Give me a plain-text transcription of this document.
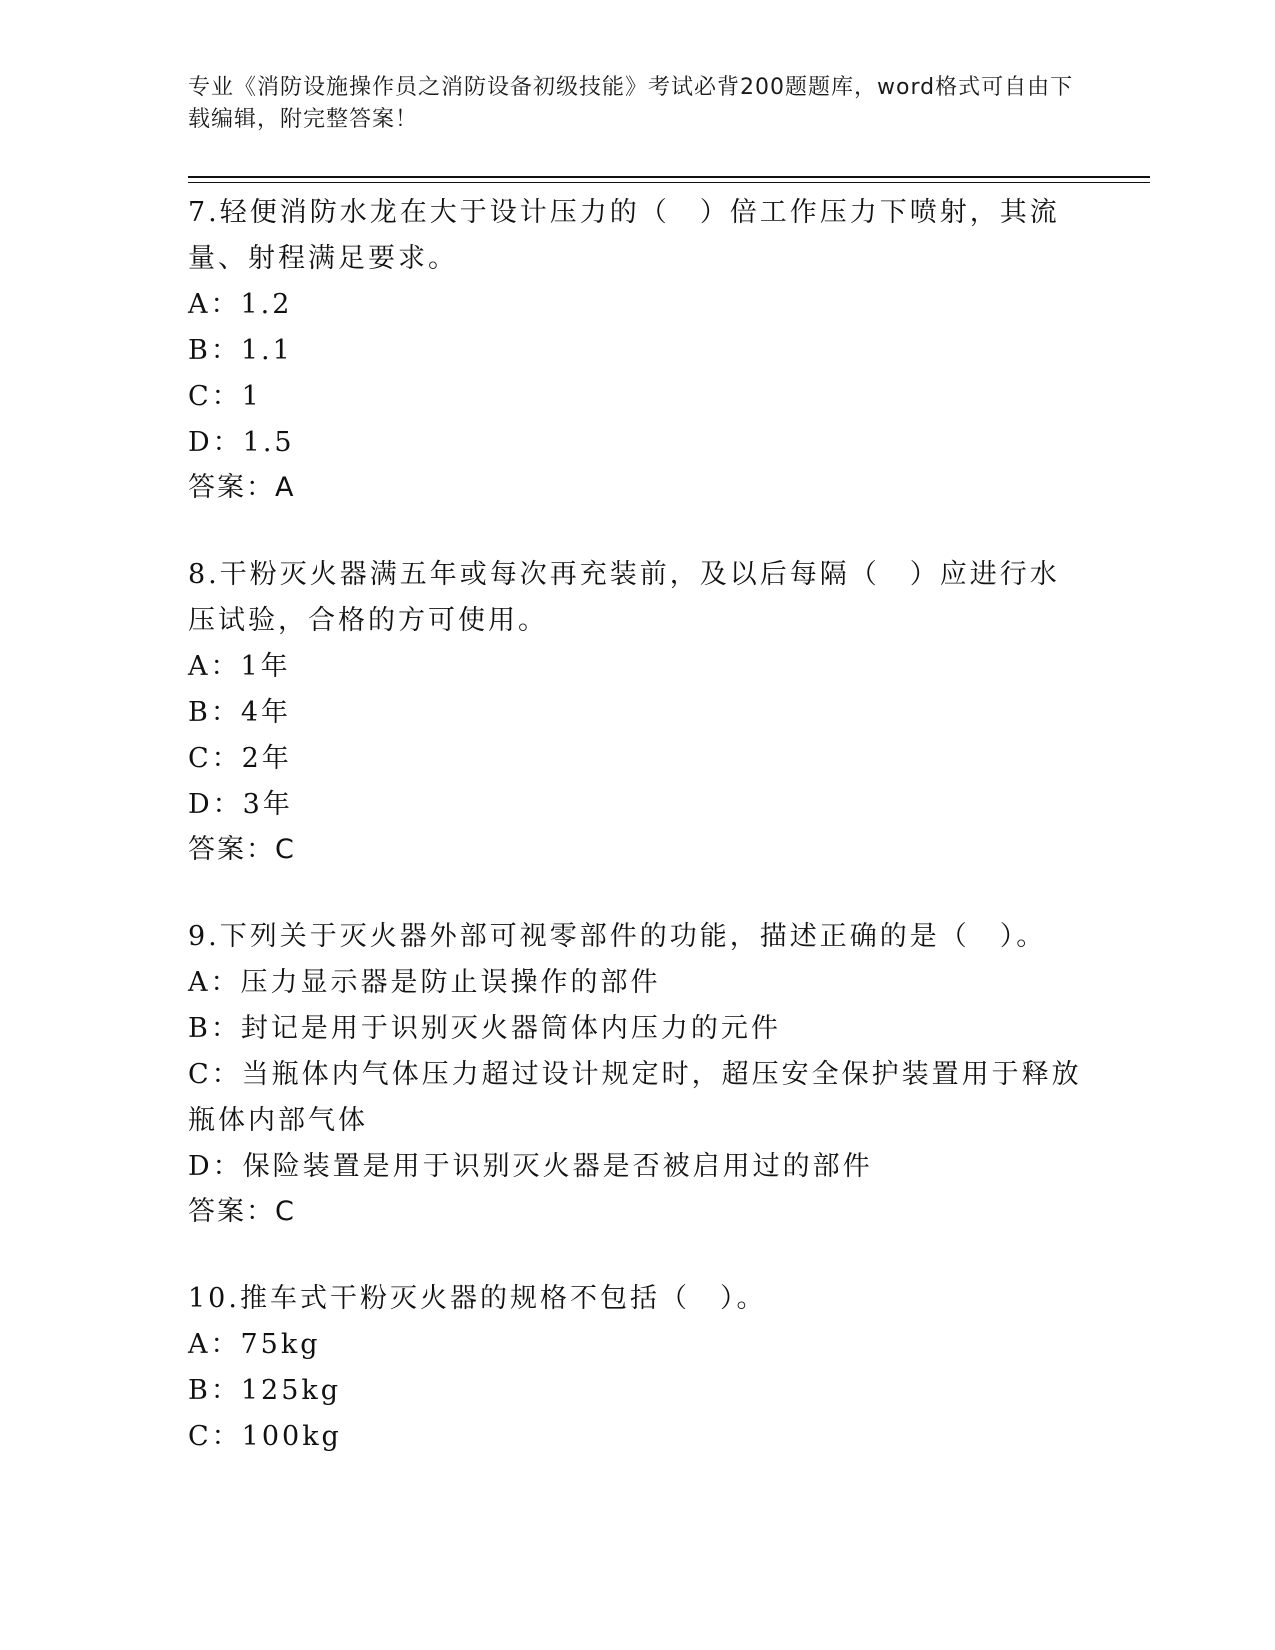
专业《消防设施操作员之消防设备初级技能》考试必背200题题库，word格式可自由下载编辑，附完整答案！
7.轻便消防水龙在大于设计压力的（　）倍工作压力下喷射，其流量、射程满足要求。
A：1.2
B：1.1
C：1
D：1.5
答案：A
8.干粉灭火器满五年或每次再充装前，及以后每隔（　）应进行水压试验，合格的方可使用。
A：1年
B：4年
C：2年
D：3年
答案：C
9.下列关于灭火器外部可视零部件的功能，描述正确的是（　）。
A：压力显示器是防止误操作的部件
B：封记是用于识别灭火器筒体内压力的元件
C：当瓶体内气体压力超过设计规定时，超压安全保护装置用于释放瓶体内部气体
D：保险装置是用于识别灭火器是否被启用过的部件
答案：C
10.推车式干粉灭火器的规格不包括（　）。
A：75kg
B：125kg
C：100kg
